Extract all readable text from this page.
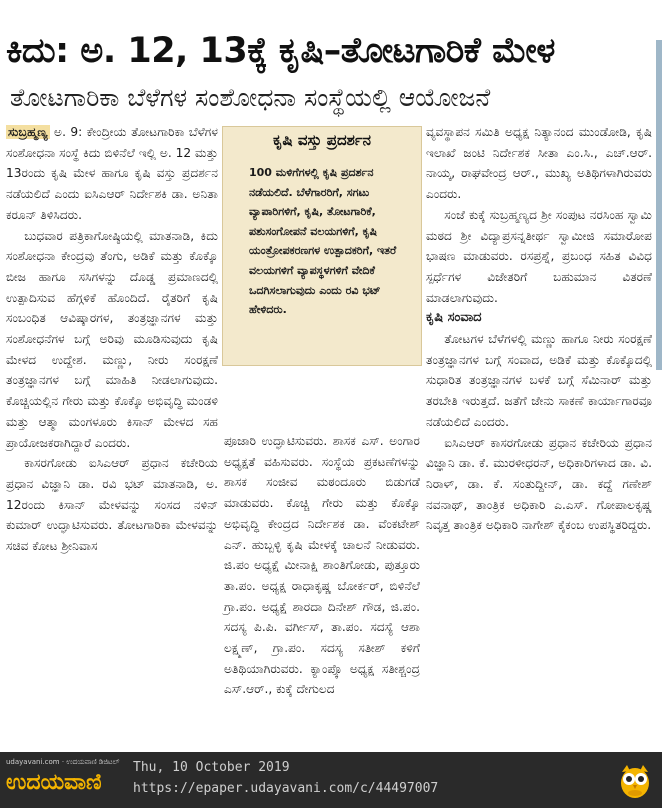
ಕಿದು: ಅ. 12, 13ಕ್ಕೆ ಕೃಷಿ–ತೋಟಗಾರಿಕೆ ಮೇಳ
ತೋಟಗಾರಿಕಾ ಬೆಳೆಗಳ ಸಂಶೋಧನಾ ಸಂಸ್ಥೆಯಲ್ಲಿ ಆಯೋಜನೆ

ಸುಬ್ರಹ್ಮಣ್ಯ ಅ. 9: ಕೇಂದ್ರೀಯ ತೋಟಗಾರಿಕಾ ಬೆಳೆಗಳ ಸಂಶೋಧನಾ ಸಂಸ್ಥೆ ಕಿದು ಬಿಳಿನೆಲೆ ಇಲ್ಲಿ ಅ. 12 ಮತ್ತು 13ರಂದು ಕೃಷಿ ಮೇಳ ಹಾಗೂ ಕೃಷಿ ವಸ್ತು ಪ್ರದರ್ಶನ ನಡೆಯಲಿದೆ ಎಂದು ಐಸಿಎಆರ್ ನಿರ್ದೇಶಕಿ ಡಾ. ಅನಿತಾ ಕರೂನ್ ತಿಳಿಸಿದರು.

ಬುಧವಾರ ಪತ್ರಿಕಾಗೋಷ್ಠಿಯಲ್ಲಿ ಮಾತನಾಡಿ, ಕಿದು ಸಂಶೋಧನಾ ಕೇಂದ್ರವು ತೆಂಗು, ಅಡಿಕೆ ಮತ್ತು ಕೊಕ್ಕೊ ಬೀಜ ಹಾಗೂ ಸಸಿಗಳನ್ನು ದೊಡ್ಡ ಪ್ರಮಾಣದಲ್ಲಿ ಉತ್ಪಾದಿಸುವ ಹೆಗ್ಗಳಿಕೆ ಹೊಂದಿದೆ. ರೈತರಿಗೆ ಕೃಷಿ ಸಂಬಂಧಿತ ಆವಿಷ್ಕಾರಗಳ, ತಂತ್ರಜ್ಞಾನಗಳ ಮತ್ತು ಸಂಶೋಧನೆಗಳ ಬಗ್ಗೆ ಅರಿವು ಮೂಡಿಸುವುದು ಕೃಷಿ ಮೇಳದ ಉದ್ದೇಶ. ಮಣ್ಣು, ನೀರು ಸಂರಕ್ಷಣೆ ತಂತ್ರಜ್ಞಾನಗಳ ಬಗ್ಗೆ ಮಾಹಿತಿ ನೀಡಲಾಗುವುದು. ಕೊಚ್ಚಿಯಲ್ಲಿನ ಗೇರು ಮತ್ತು ಕೊಕ್ಕೊ ಅಭಿವೃದ್ಧಿ ಮಂಡಳಿ ಮತ್ತು ಆತ್ಮಾ ಮಂಗಳೂರು ಕಿಸಾನ್ ಮೇಳದ ಸಹ ಪ್ರಾಯೋಜಕರಾಗಿದ್ದಾರೆ ಎಂದರು.

ಕಾಸರಗೋಡು ಐಸಿಎಆರ್ ಪ್ರಧಾನ ಕಚೇರಿಯ ಪ್ರಧಾನ ವಿಜ್ಞಾನಿ ಡಾ. ರವಿ ಭಟ್ ಮಾತನಾಡಿ, ಅ. 12ರಂದು ಕಿಸಾನ್ ಮೇಳವನ್ನು ಸಂಸದ ನಳಿನ್ ಕುಮಾರ್ ಉದ್ಘಾಟಿಸುವರು. ತೋಟಗಾರಿಕಾ ಮೇಳವನ್ನು ಸಚಿವ ಕೋಟ ಶ್ರೀನಿವಾಸ

ಕೃಷಿ ವಸ್ತು ಪ್ರದರ್ಶನ
100 ಮಳಿಗೆಗಳಲ್ಲಿ ಕೃಷಿ ಪ್ರದರ್ಶನ ನಡೆಯಲಿದೆ. ಬೆಳೆಗಾರರಿಗೆ, ಸಗಟು ವ್ಯಾಪಾರಿಗಳಿಗೆ, ಕೃಷಿ, ತೋಟಗಾರಿಕೆ, ಪಶುಸಂಗೋಪನೆ ವಲಯಗಳಿಗೆ, ಕೃಷಿ ಯಂತ್ರೋಪಕರಣಗಳ ಉತ್ಪಾದಕರಿಗೆ, ಇತರೆ ವಲಯಗಳಿಗೆ ವ್ಯಾಪಸ್ಥಳಗಳಿಗೆ ವೇದಿಕೆ ಒದಗಿಸಲಾಗುವುದು ಎಂದು ರವಿ ಭಟ್ ಹೇಳಿದರು.

ಪೂಜಾರಿ ಉದ್ಘಾಟಿಸುವರು. ಶಾಸಕ ಎಸ್. ಅಂಗಾರ ಅಧ್ಯಕ್ಷತೆ ವಹಿಸುವರು. ಸಂಸ್ಥೆಯ ಪ್ರಕಟಣೆಗಳನ್ನು ಶಾಸಕ ಸಂಜೀವ ಮಠಂದೂರು ಬಿಡುಗಡೆ ಮಾಡುವರು. ಕೊಚ್ಚಿ ಗೇರು ಮತ್ತು ಕೊಕ್ಕೊ ಅಭಿವೃದ್ಧಿ ಕೇಂದ್ರದ ನಿರ್ದೇಶಕ ಡಾ. ವೆಂಕಟೇಶ್ ಎನ್. ಹುಬ್ಬಳ್ಳಿ ಕೃಷಿ ಮೇಳಕ್ಕೆ ಚಾಲನೆ ನೀಡುವರು. ಜಿ.ಪಂ ಅಧ್ಯಕ್ಷೆ ಮೀನಾಕ್ಷಿ ಶಾಂತಿಗೋಡು, ಪುತ್ತೂರು ತಾ.ಪಂ. ಅಧ್ಯಕ್ಷ ರಾಧಾಕೃಷ್ಣ ಬೋರ್ಕರ್, ಬಿಳಿನೆಲೆ ಗ್ರಾ.ಪಂ. ಅಧ್ಯಕ್ಷೆ ಶಾರದಾ ದಿನೇಶ್ ಗೌಡ, ಜಿ.ಪಂ. ಸದಸ್ಯ ಪಿ.ಪಿ. ವರ್ಗೀಸ್, ತಾ.ಪಂ. ಸದಸ್ಯೆ ಆಶಾ ಲಕ್ಷ್ಮಣ್, ಗ್ರಾ.ಪಂ. ಸದಸ್ಯ ಸತೀಶ್ ಕಳಿಗೆ ಅತಿಥಿಯಾಗಿರುವರು. ಕ್ಯಾಂಪ್ಕೊ ಅಧ್ಯಕ್ಷ ಸತೀಶ್ಚಂದ್ರ ಎಸ್.ಆರ್., ಕುಕ್ಕೆ ದೇಗುಲದ

ವ್ಯವಸ್ಥಾಪನ ಸಮಿತಿ ಅಧ್ಯಕ್ಷ ನಿತ್ಯಾನಂದ ಮುಂಡೋಡಿ, ಕೃಷಿ ಇಲಾಖೆ ಜಂಟಿ ನಿರ್ದೇಶಕ ಸೀತಾ ಎಂ.ಸಿ., ಎಚ್.ಆರ್. ನಾಯ್ಕ, ರಾಘವೇಂದ್ರ ಆರ್., ಮುಖ್ಯ ಅತಿಥಿಗಳಾಗಿರುವರು ಎಂದರು.

ಸಂಜೆ ಕುಕ್ಕೆ ಸುಬ್ರಹ್ಮಣ್ಯದ ಶ್ರೀ ಸಂಪುಟ ನರಸಿಂಹ ಸ್ವಾಮಿ ಮಠದ ಶ್ರೀ ವಿದ್ಯಾಪ್ರಸನ್ನತೀರ್ಥ ಸ್ವಾಮೀಜಿ ಸಮಾರೋಪ ಭಾಷಣ ಮಾಡುವರು. ರಸಪ್ರಶ್ನೆ, ಪ್ರಬಂಧ ಸಹಿತ ವಿವಿಧ ಸ್ಪರ್ಧೆಗಳ ವಿಜೇತರಿಗೆ ಬಹುಮಾನ ವಿತರಣೆ ಮಾಡಲಾಗುವುದು.

ಕೃಷಿ ಸಂವಾದ

ತೋಟಗಳ ಬೆಳೆಗಳಲ್ಲಿ ಮಣ್ಣು ಹಾಗೂ ನೀರು ಸಂರಕ್ಷಣೆ ತಂತ್ರಜ್ಞಾನಗಳ ಬಗ್ಗೆ ಸಂವಾದ, ಅಡಿಕೆ ಮತ್ತು ಕೊಕ್ಕೊದಲ್ಲಿ ಸುಧಾರಿತ ತಂತ್ರಜ್ಞಾನಗಳ ಬಳಕೆ ಬಗ್ಗೆ ಸೆಮಿನಾರ್ ಮತ್ತು ತರಬೇತಿ ಇರುತ್ತದೆ. ಜತೆಗೆ ಜೇನು ಸಾಕಣೆ ಕಾರ್ಯಾಗಾರವೂ ನಡೆಯಲಿದೆ ಎಂದರು.

ಐಸಿಎಆರ್ ಕಾಸರಗೋಡು ಪ್ರಧಾನ ಕಚೇರಿಯ ಪ್ರಧಾನ ವಿಜ್ಞಾನಿ ಡಾ. ಕೆ. ಮುರಳೀಧರನ್, ಅಧಿಕಾರಿಗಳಾದ ಡಾ. ವಿ. ನಿರಾಳ್, ಡಾ. ಕೆ. ಸಂತುದ್ದೀನ್, ಡಾ. ಕದ್ದೆ ಗಣೇಶ್ ನವನಾಥ್, ತಾಂತ್ರಿಕ ಅಧಿಕಾರಿ ಎ.ಎಸ್. ಗೋಪಾಲಕೃಷ್ಣ ನಿವೃತ್ತ ತಾಂತ್ರಿಕ ಅಧಿಕಾರಿ ನಾಗೇಶ್ ಕೈಕಂಬ ಉಪಸ್ಥಿತರಿದ್ದರು.

udayavani.com · ಉದಯವಾಣಿ ಡಿಜಿಟಲ್
ಉದಯವಾಣಿ
Thu, 10 October 2019
https://epaper.udayavani.com/c/44497007
